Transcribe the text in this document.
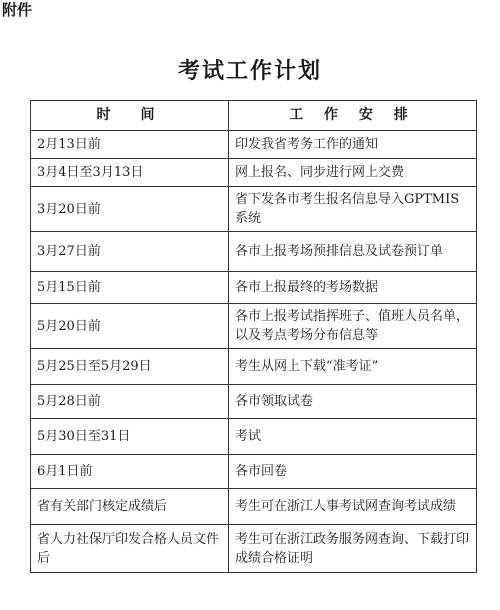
附件
考试工作计划
时　间	工 作 安 排
2月13日前	印发我省考务工作的通知
3月4日至3月13日	网上报名、同步进行网上交费
3月20日前	省下发各市考生报名信息导入GPTMIS系统
3月27日前	各市上报考场预排信息及试卷预订单
5月15日前	各市上报最终的考场数据
5月20日前	各市上报考试指挥班子、值班人员名单，以及考点考场分布信息等
5月25日至5月29日	考生从网上下载“准考证”
5月28日前	各市领取试卷
5月30日至31日	考试
6月1日前	各市回卷
省有关部门核定成绩后	考生可在浙江人事考试网查询考试成绩
省人力社保厅印发合格人员文件后	考生可在浙江政务服务网查询、下载打印成绩合格证明
